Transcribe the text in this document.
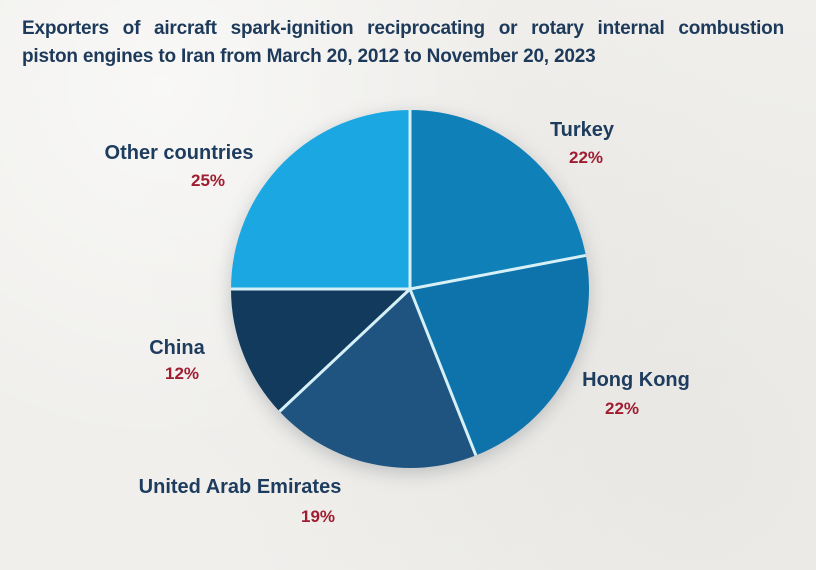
Exporters of aircraft spark-ignition reciprocating or rotary internal combustion
piston engines to Iran from March 20, 2012 to November 20, 2023
Turkey
22%
Hong Kong
22%
United Arab Emirates
19%
China
12%
Other countries
25%
